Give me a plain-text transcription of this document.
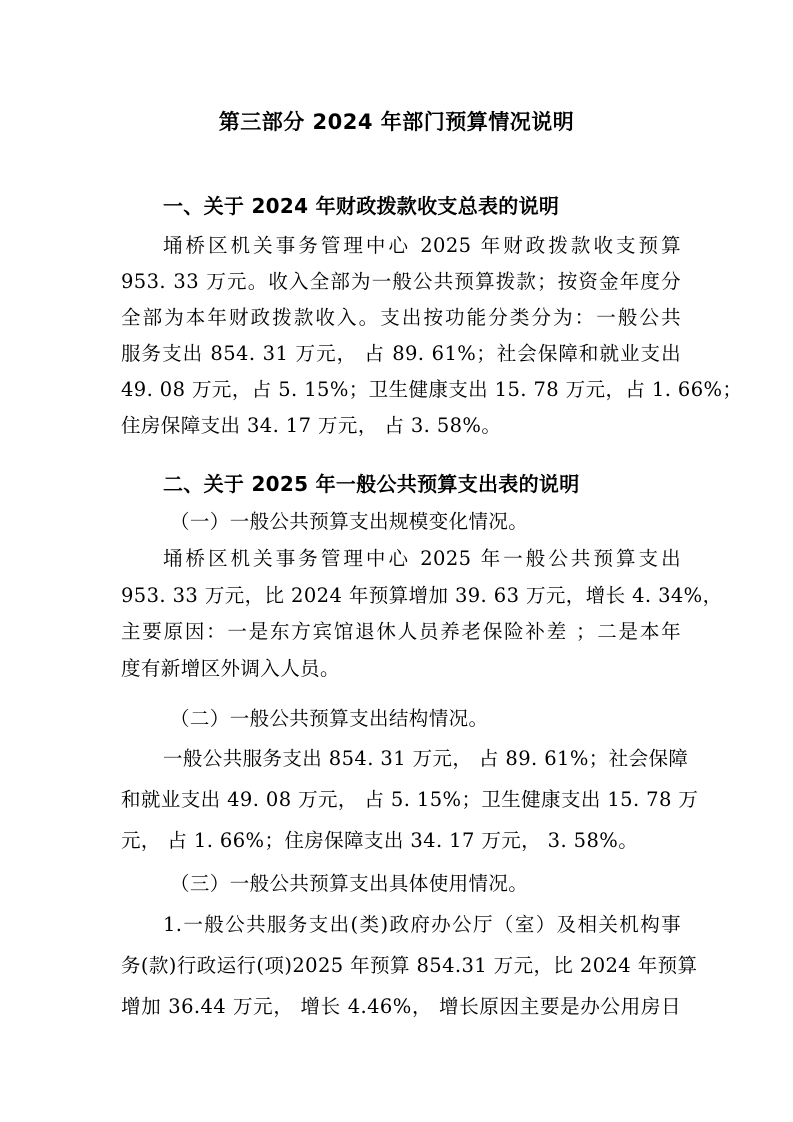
第三部分 2024 年部门预算情况说明
一、关于 2024 年财政拨款收支总表的说明
埇桥区机关事务管理中心 2025 年财政拨款收支预算
953. 33 万元。收入全部为一般公共预算拨款；按资金年度分
全部为本年财政拨款收入。支出按功能分类分为：一般公共
服务支出 854. 31 万元， 占 89. 61%；社会保障和就业支出
49. 08 万元，占 5. 15%；卫生健康支出 15. 78 万元，占 1. 66%；
住房保障支出 34. 17 万元， 占 3. 58%。
二、关于 2025 年一般公共预算支出表的说明
（一）一般公共预算支出规模变化情况。
埇桥区机关事务管理中心 2025 年一般公共预算支出
953. 33 万元，比 2024 年预算增加 39. 63 万元，增长 4. 34%，
主要原因：一是东方宾馆退休人员养老保险补差 ；二是本年
度有新增区外调入人员。
（二）一般公共预算支出结构情况。
一般公共服务支出 854. 31 万元， 占 89. 61%；社会保障
和就业支出 49. 08 万元， 占 5. 15%；卫生健康支出 15. 78 万
元， 占 1. 66%；住房保障支出 34. 17 万元， 3. 58%。
（三）一般公共预算支出具体使用情况。
1.一般公共服务支出(类)政府办公厅（室）及相关机构事
务(款)行政运行(项)2025 年预算 854.31 万元，比 2024 年预算
增加 36.44 万元， 增长 4.46%， 增长原因主要是办公用房日
